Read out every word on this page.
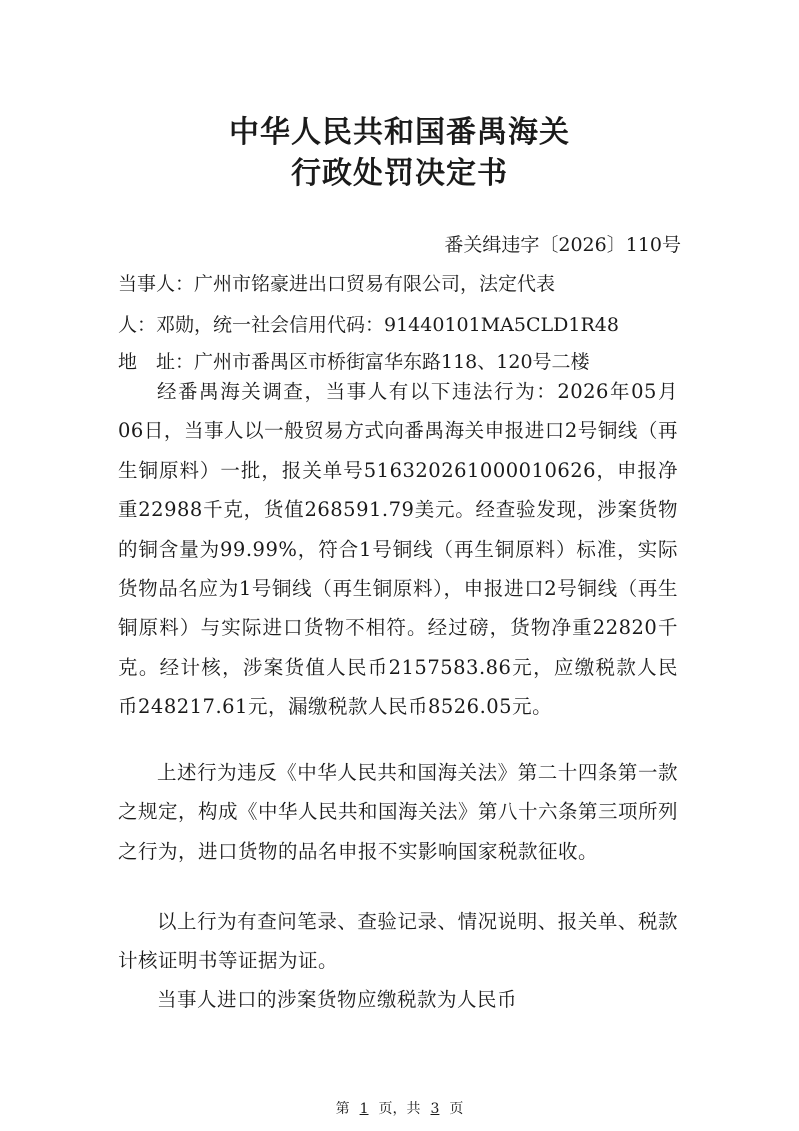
中华人民共和国番禺海关
行政处罚决定书
番关缉违字〔2026〕110号
当事人：广州市铭豪进出口贸易有限公司，法定代表
人：邓勋，统一社会信用代码：91440101MA5CLD1R48
地　址：广州市番禺区市桥街富华东路118、120号二楼

经番禺海关调查，当事人有以下违法行为：2026年05月06日，当事人以一般贸易方式向番禺海关申报进口2号铜线（再生铜原料）一批，报关单号516320261000010626，申报净重22988千克，货值268591.79美元。经查验发现，涉案货物的铜含量为99.99%，符合1号铜线（再生铜原料）标准，实际货物品名应为1号铜线（再生铜原料），申报进口2号铜线（再生铜原料）与实际进口货物不相符。经过磅，货物净重22820千克。经计核，涉案货值人民币2157583.86元，应缴税款人民币248217.61元，漏缴税款人民币8526.05元。

上述行为违反《中华人民共和国海关法》第二十四条第一款之规定，构成《中华人民共和国海关法》第八十六条第三项所列之行为，进口货物的品名申报不实影响国家税款征收。

以上行为有查问笔录、查验记录、情况说明、报关单、税款计核证明书等证据为证。

当事人进口的涉案货物应缴税款为人民币

第 1 页，共 3 页
